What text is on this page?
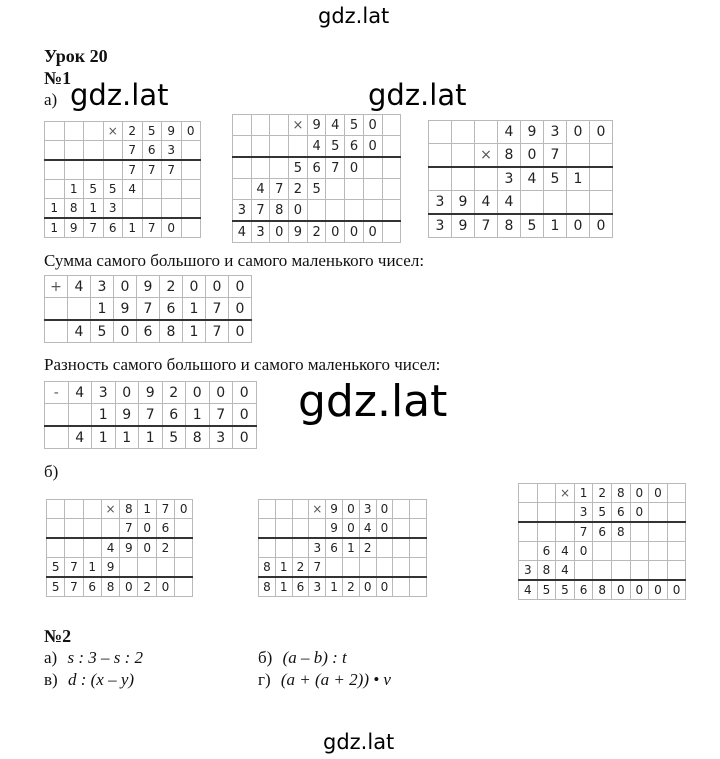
gdz.lat
gdz.lat	gdz.lat
gdz.lat
gdz.lat
Урок 20
№1
а)
			×	2	5	9	0
				7	6	3	
				7	7	7	
	1	5	5	4			
1	8	1	3				
1	9	7	6	1	7	0	
			×	9	4	5	0	
				4	5	6	0	
			5	6	7	0		
	4	7	2	5				
3	7	8	0					
4	3	0	9	2	0	0	0	
			4	9	3	0	0
		×	8	0	7		
			3	4	5	1	
3	9	4	4				
3	9	7	8	5	1	0	0
Сумма самого большого и самого маленького чисел:
+	4	3	0	9	2	0	0	0
		1	9	7	6	1	7	0
	4	5	0	6	8	1	7	0
Разность самого большого и самого маленького чисел:
-	4	3	0	9	2	0	0	0
		1	9	7	6	1	7	0
	4	1	1	1	5	8	3	0
б)
			×	8	1	7	0
				7	0	6	
			4	9	0	2	
5	7	1	9				
5	7	6	8	0	2	0	
			×	9	0	3	0		
				9	0	4	0		
			3	6	1	2			
8	1	2	7						
8	1	6	3	1	2	0	0		
		×	1	2	8	0	0	
			3	5	6	0		
			7	6	8			
	6	4	0					
3	8	4						
4	5	5	6	8	0	0	0	0
№2
а) s : 3 – s : 2
в) d : (x – y)
б) (a – b) : t
г) (a + (a + 2)) • v
